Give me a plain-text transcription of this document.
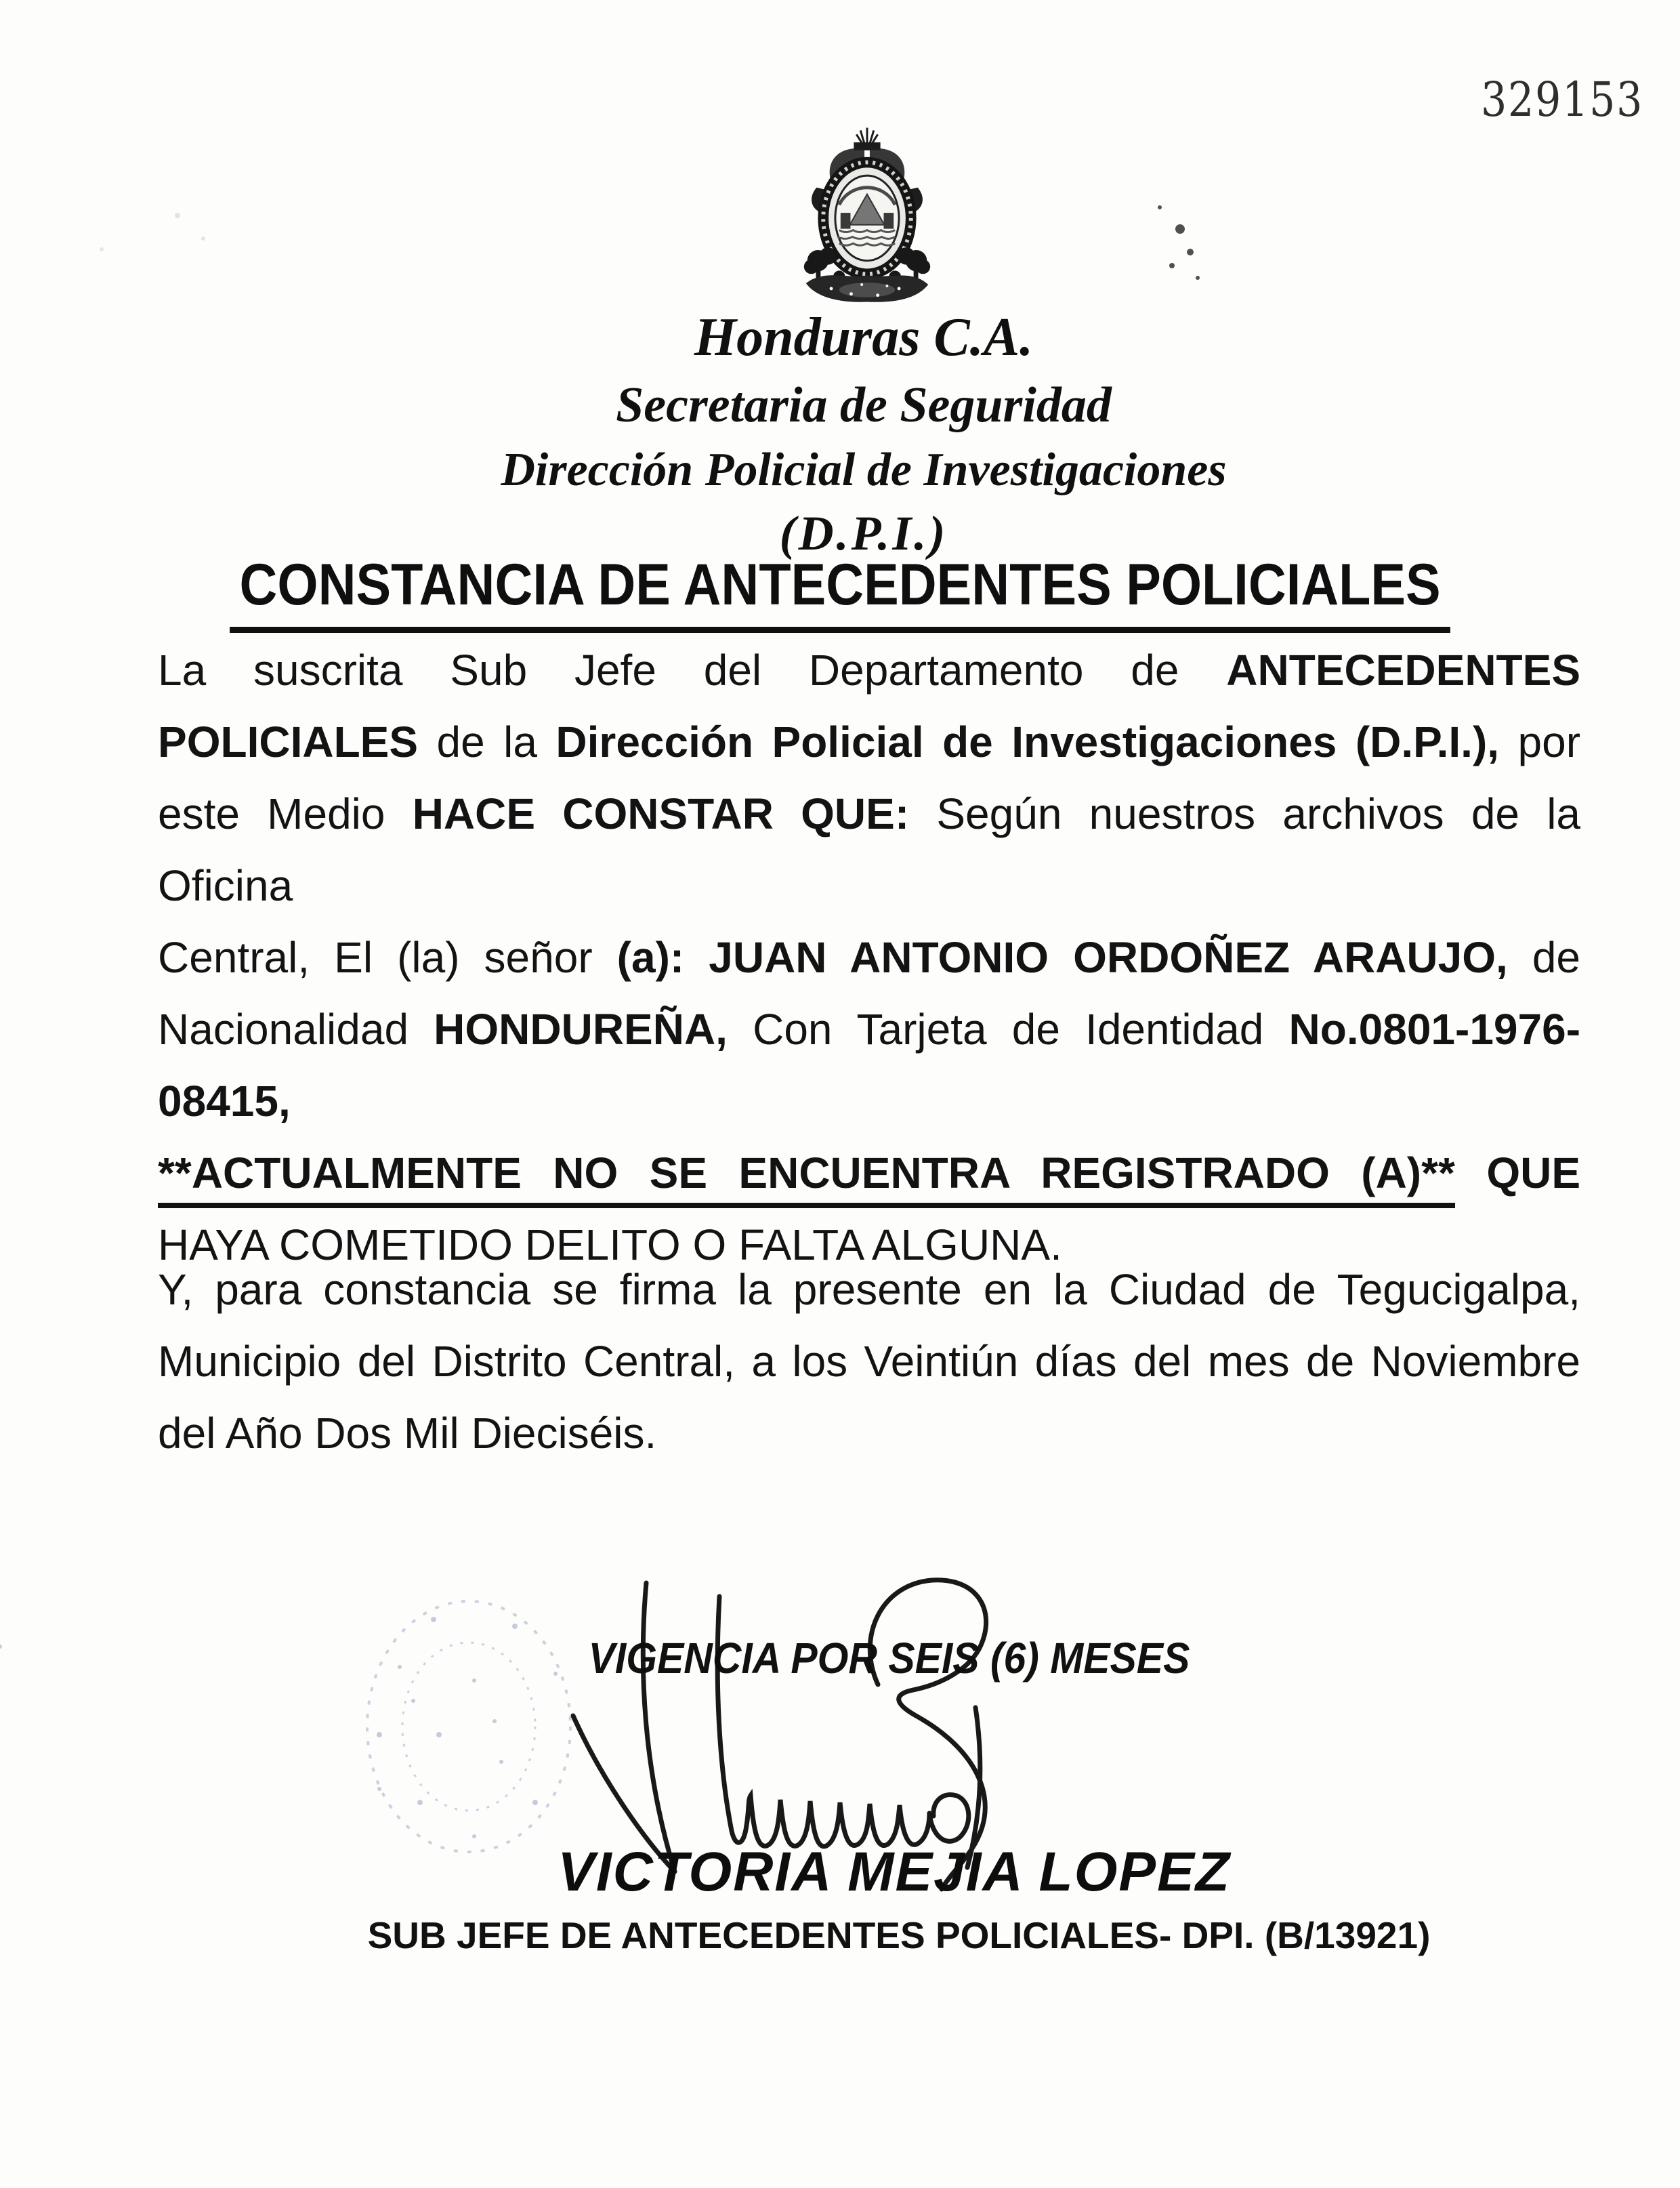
329153
Honduras C.A.
Secretaria de Seguridad
Dirección Policial de Investigaciones
(D.P.I.)
CONSTANCIA DE ANTECEDENTES POLICIALES
La suscrita Sub Jefe del Departamento de ANTECEDENTES
POLICIALES de la Dirección Policial de Investigaciones (D.P.I.), por
este Medio HACE CONSTAR QUE: Según nuestros archivos de la Oficina
Central, El (la) señor (a): JUAN ANTONIO ORDOÑEZ ARAUJO, de
Nacionalidad HONDUREÑA, Con Tarjeta de Identidad No.0801-1976-08415,
**ACTUALMENTE NO SE ENCUENTRA REGISTRADO (A)** QUE
HAYA COMETIDO DELITO O FALTA ALGUNA.
Y, para constancia se firma la presente en la Ciudad de Tegucigalpa,
Municipio del Distrito Central, a los Veintiún días del mes de Noviembre
del Año Dos Mil Dieciséis.
VIGENCIA POR SEIS (6) MESES
VICTORIA MEJIA LOPEZ
SUB JEFE DE ANTECEDENTES POLICIALES- DPI. (B/13921)
